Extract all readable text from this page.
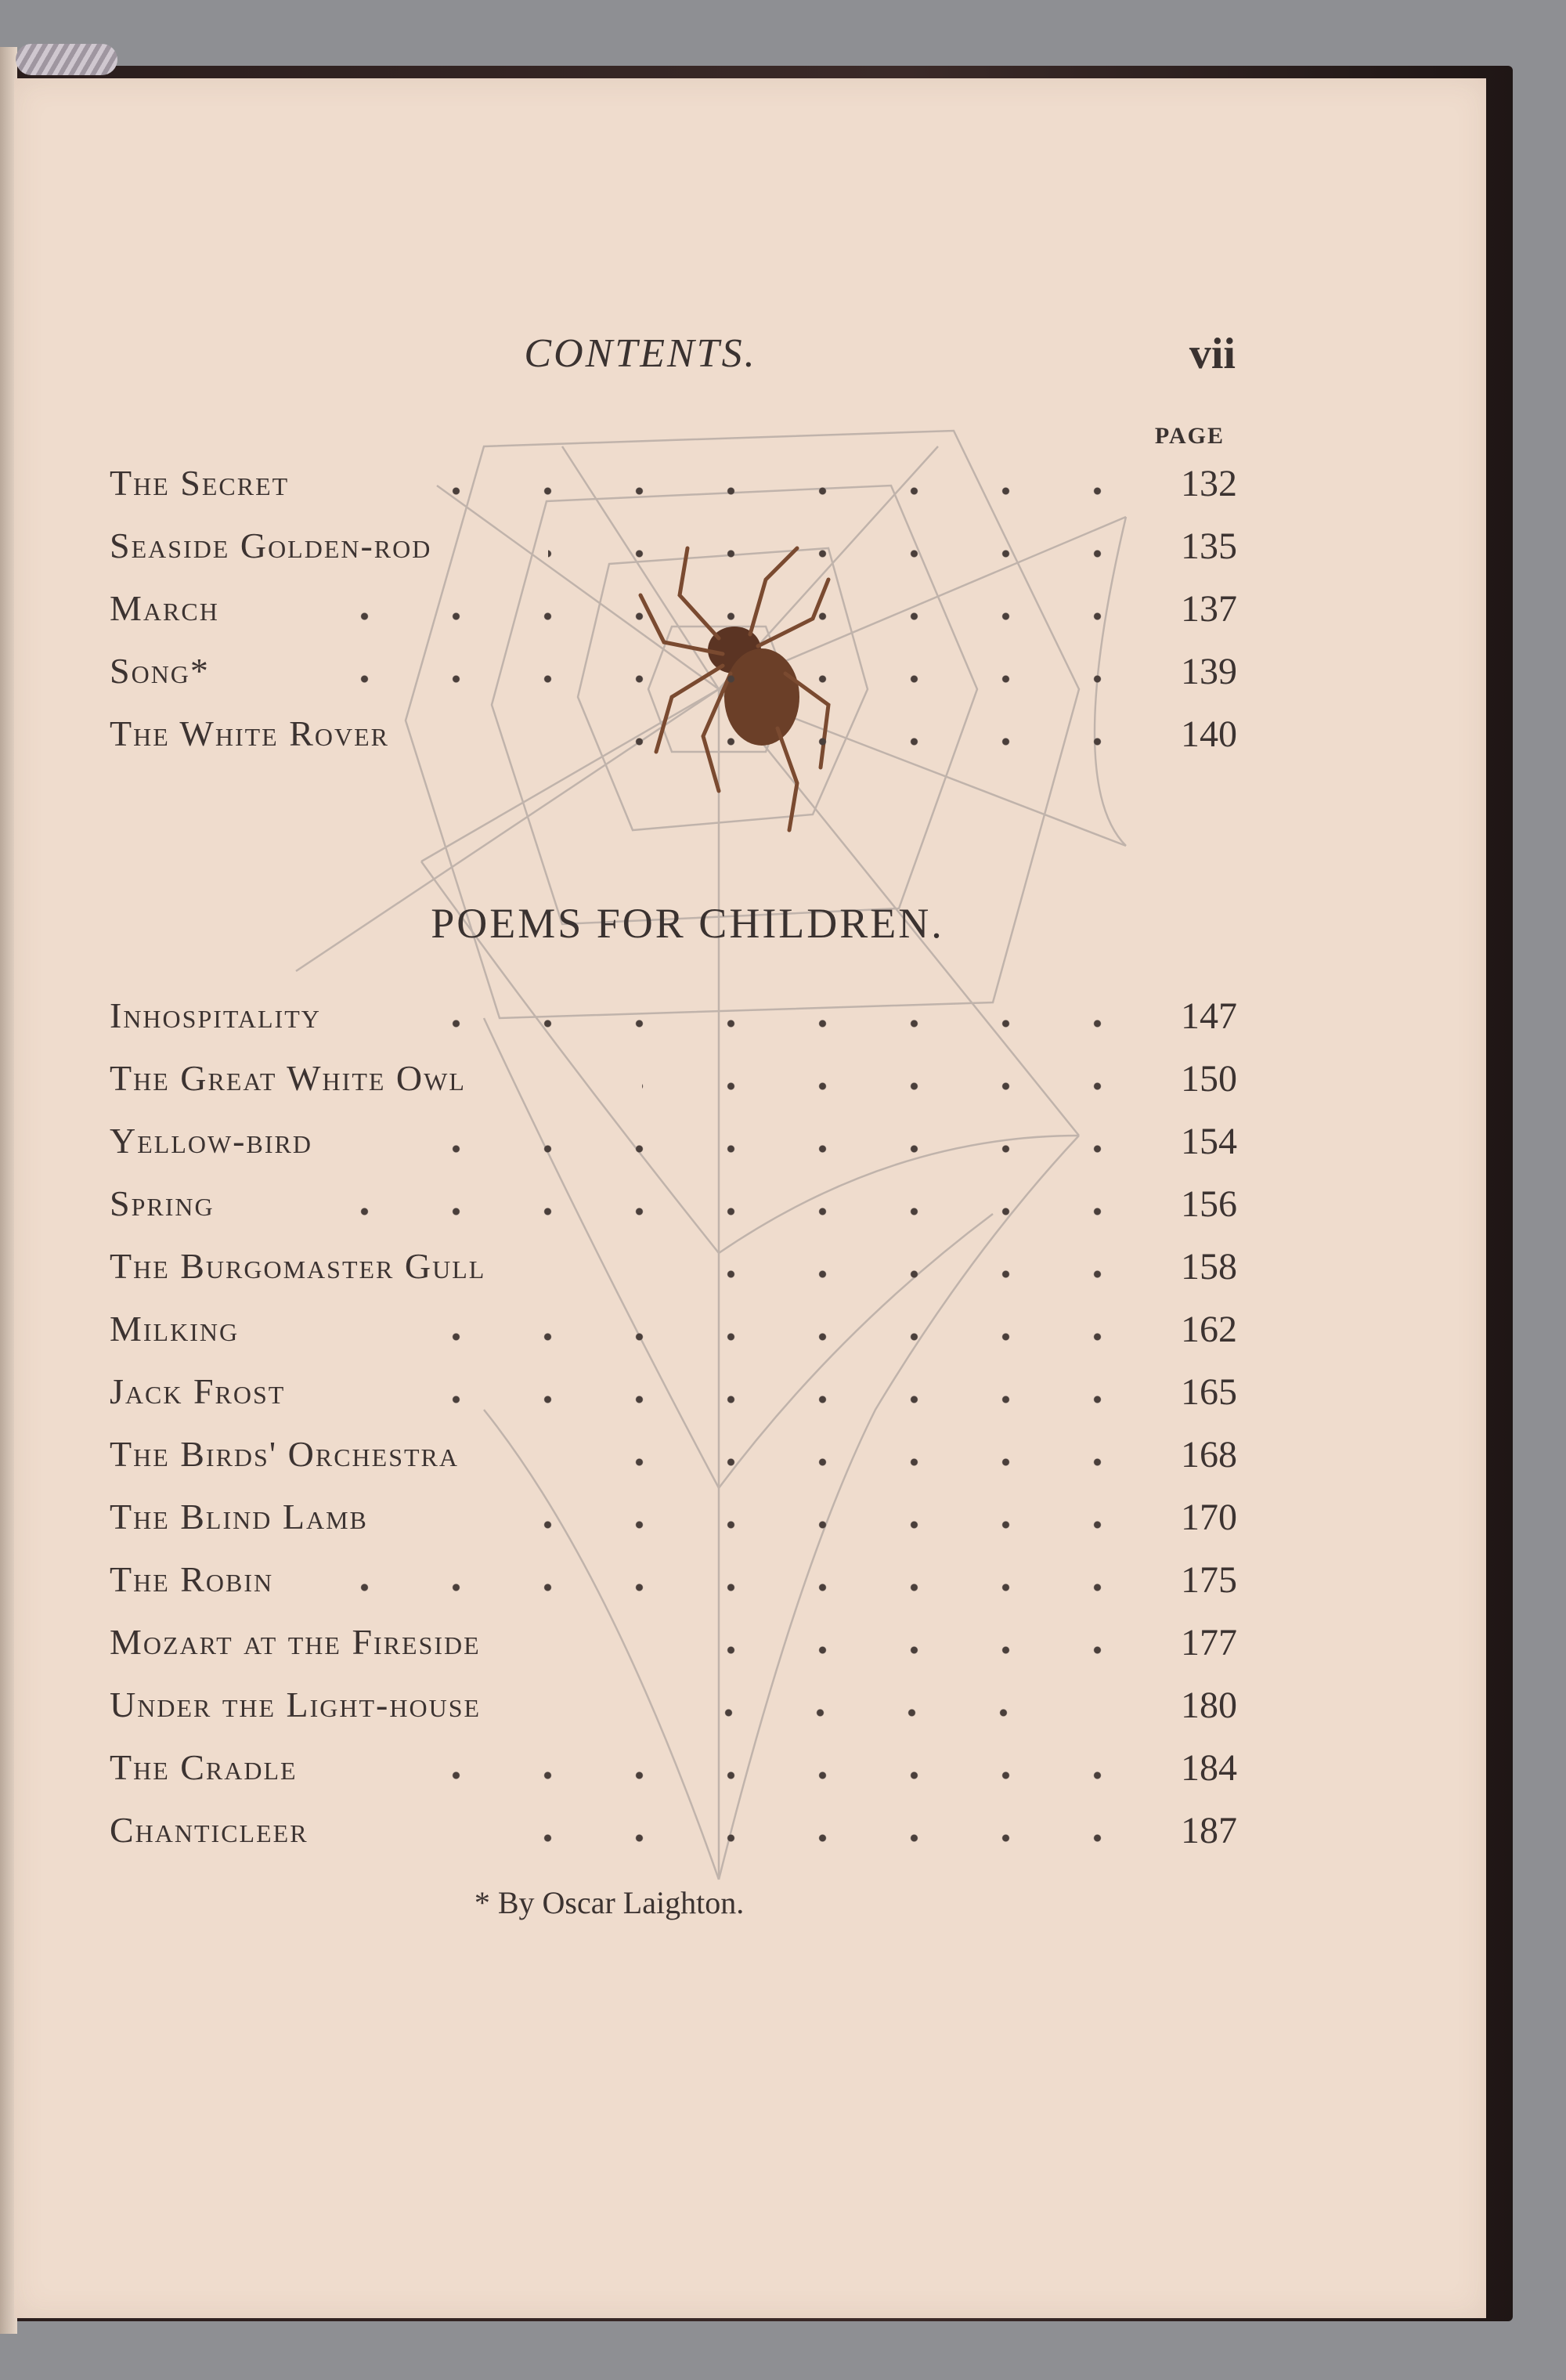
CONTENTS.	vii
PAGE
The Secret	132
Seaside Golden-rod	135
March	137
Song*	139
The White Rover	140
POEMS FOR CHILDREN.
Inhospitality	147
The Great White Owl	150
Yellow-bird	154
Spring	156
The Burgomaster Gull	158
Milking	162
Jack Frost	165
The Birds' Orchestra	168
The Blind Lamb	170
The Robin	175
Mozart at the Fireside	177
Under the Light-house	180
The Cradle	184
Chanticleer	187
* By Oscar Laighton.
